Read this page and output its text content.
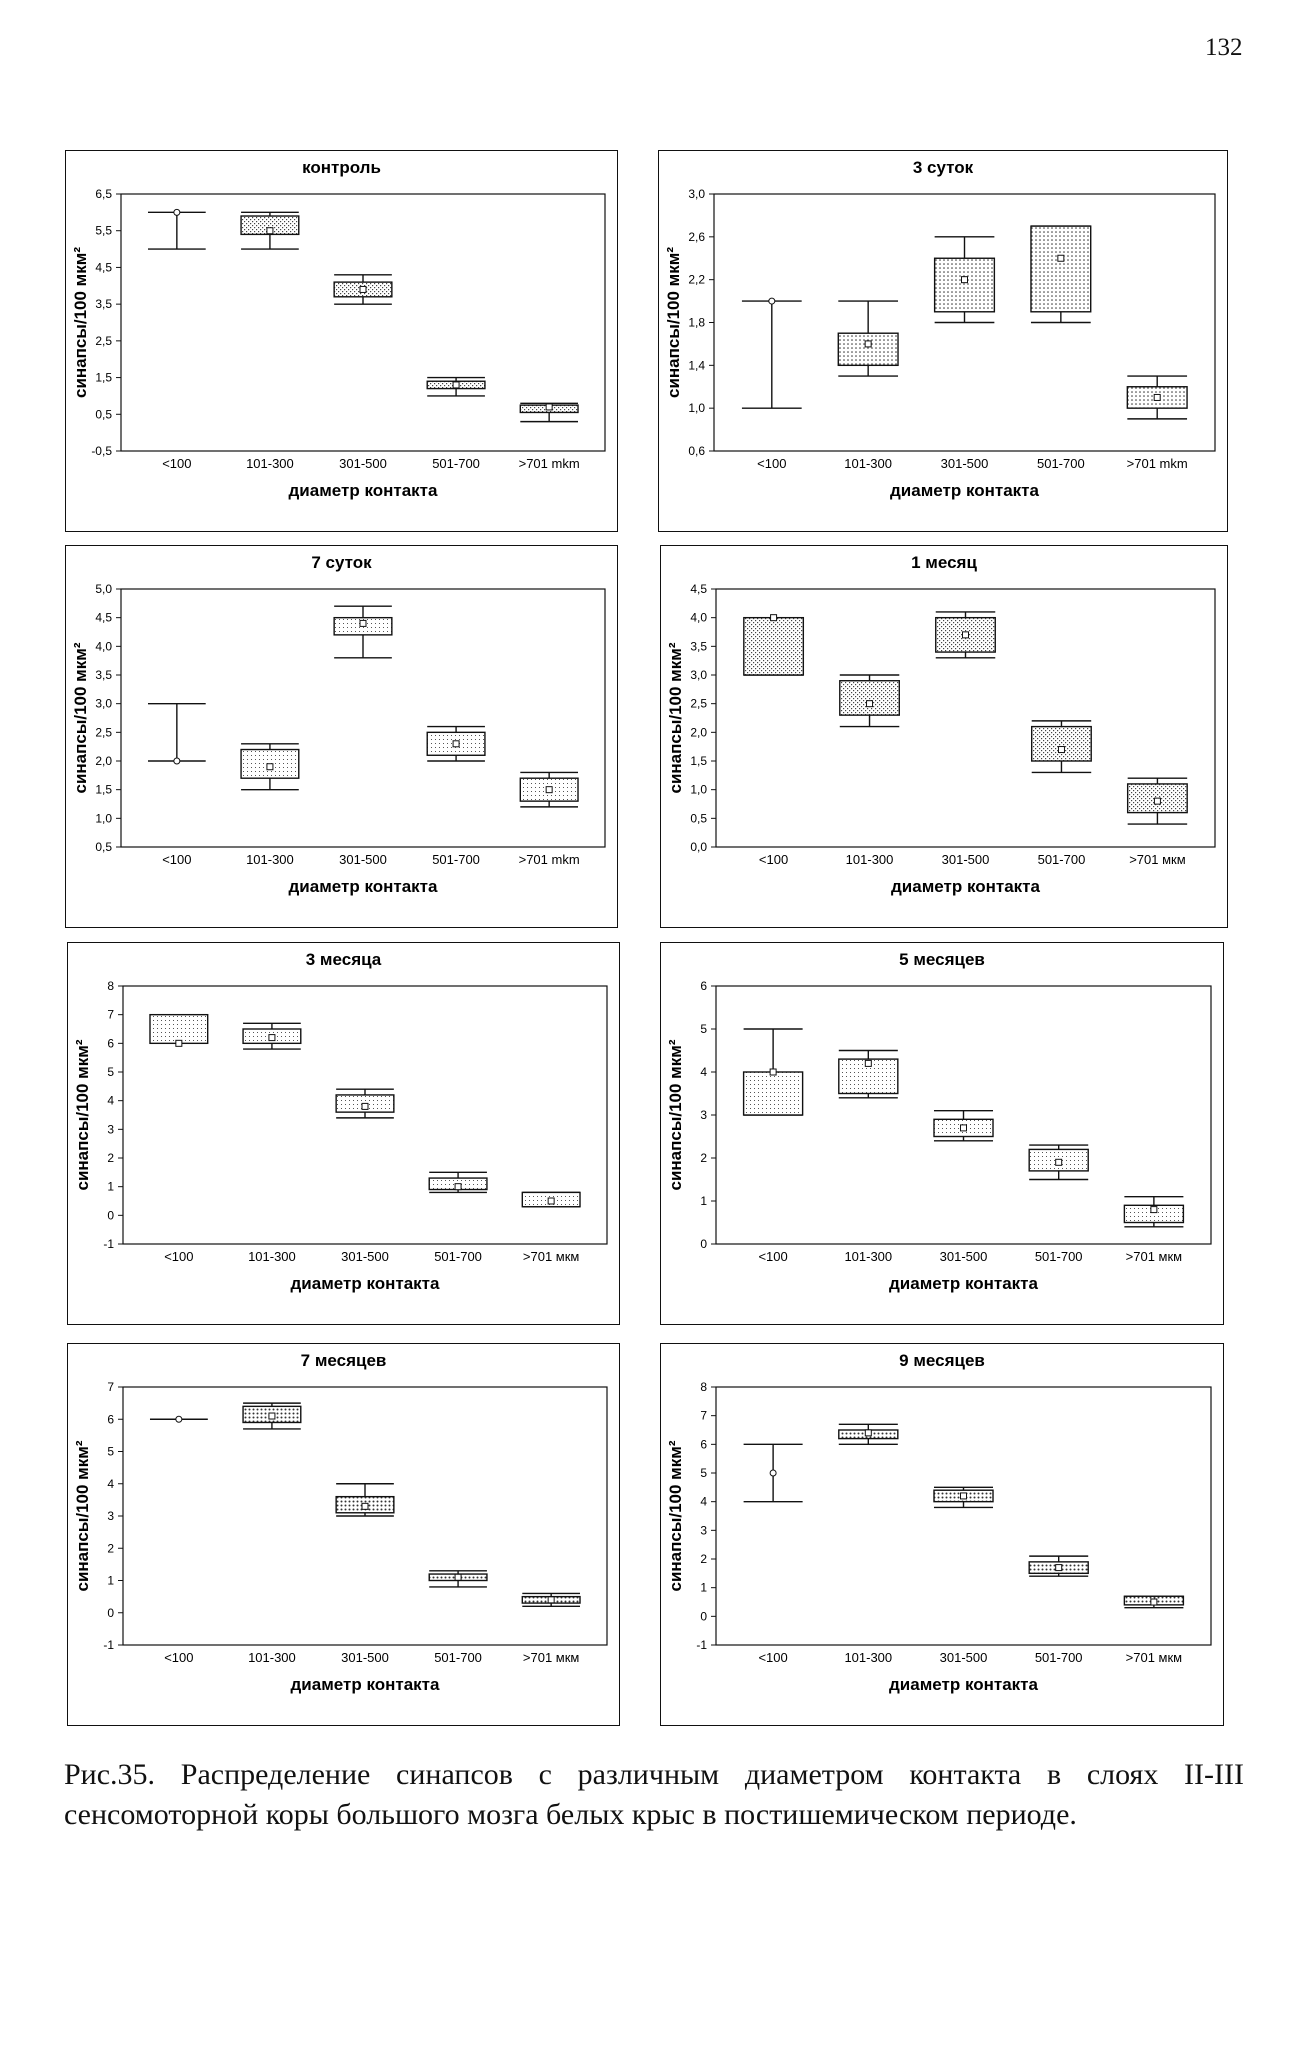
132
контроль
6,5
5,5
4,5
3,5
2,5
1,5
0,5
-0,5
синапсы/100 мкм²
<100	101-300	301-500	501-700	>701 mkm
диаметр контакта
3 суток
3,0
2,6
2,2
1,8
1,4
1,0
0,6
синапсы/100 мкм²
<100	101-300	301-500	501-700	>701 mkm
диаметр контакта
7 суток
5,0
4,5
4,0
3,5
3,0
2,5
2,0
1,5
1,0
0,5
синапсы/100 мкм²
<100	101-300	301-500	501-700	>701 mkm
диаметр контакта
1 месяц
4,5
4,0
3,5
3,0
2,5
2,0
1,5
1,0
0,5
0,0
синапсы/100 мкм²
<100	101-300	301-500	501-700	>701 мкм
диаметр контакта
3 месяца
8
7
6
5
4
3
2
1
0
-1
синапсы/100 мкм²
<100	101-300	301-500	501-700	>701 мкм
диаметр контакта
5 месяцев
6
5
4
3
2
1
0
синапсы/100 мкм²
<100	101-300	301-500	501-700	>701 мкм
диаметр контакта
7 месяцев
7
6
5
4
3
2
1
0
-1
синапсы/100 мкм²
<100	101-300	301-500	501-700	>701 мкм
диаметр контакта
9 месяцев
8
7
6
5
4
3
2
1
0
-1
синапсы/100 мкм²
<100	101-300	301-500	501-700	>701 мкм
диаметр контакта
Рис.35. Распределение синапсов с различным диаметром контакта в слоях II-III сенсомоторной коры большого мозга белых крыс в постишемическом периоде.
